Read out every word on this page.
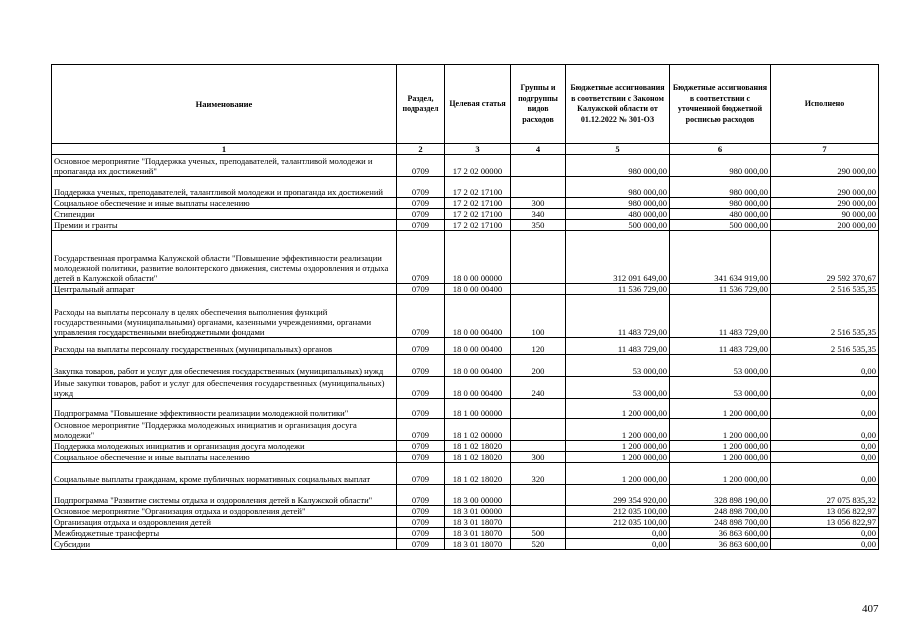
Наименование	Раздел, подраздел	Целевая статья	Группы и подгруппы видов расходов	Бюджетные ассигнования в соответствии с Законом Калужской области от 01.12.2022 № 301-ОЗ	Бюджетные ассигнования в соответствии с уточненной бюджетной росписью расходов	Исполнено
1	2	3	4	5	6	7
Основное мероприятие "Поддержка ученых, преподавателей, талантливой молодежи и пропаганда их достижений"	0709	17 2 02 00000		980 000,00	980 000,00	290 000,00
Поддержка ученых, преподавателей, талантливой молодежи и пропаганда их достижений	0709	17 2 02 17100		980 000,00	980 000,00	290 000,00
Социальное обеспечение и иные выплаты населению	0709	17 2 02 17100	300	980 000,00	980 000,00	290 000,00
Стипендии	0709	17 2 02 17100	340	480 000,00	480 000,00	90 000,00
Премии и гранты	0709	17 2 02 17100	350	500 000,00	500 000,00	200 000,00
Государственная программа Калужской области "Повышение эффективности реализации молодежной политики, развитие волонтерского движения, системы оздоровления и отдыха детей в Калужской области"	0709	18 0 00 00000		312 091 649,00	341 634 919,00	29 592 370,67
Центральный аппарат	0709	18 0 00 00400		11 536 729,00	11 536 729,00	2 516 535,35
Расходы на выплаты персоналу в целях обеспечения выполнения функций государственными (муниципальными) органами, казенными учреждениями, органами управления государственными внебюджетными фондами	0709	18 0 00 00400	100	11 483 729,00	11 483 729,00	2 516 535,35
Расходы на выплаты персоналу государственных (муниципальных) органов	0709	18 0 00 00400	120	11 483 729,00	11 483 729,00	2 516 535,35
Закупка товаров, работ и услуг для обеспечения государственных (муниципальных) нужд	0709	18 0 00 00400	200	53 000,00	53 000,00	0,00
Иные закупки товаров, работ и услуг для обеспечения государственных (муниципальных) нужд	0709	18 0 00 00400	240	53 000,00	53 000,00	0,00
Подпрограмма "Повышение эффективности реализации молодежной политики"	0709	18 1 00 00000		1 200 000,00	1 200 000,00	0,00
Основное мероприятие "Поддержка молодежных инициатив и организация досуга молодежи"	0709	18 1 02 00000		1 200 000,00	1 200 000,00	0,00
Поддержка молодежных инициатив и организация досуга молодежи	0709	18 1 02 18020		1 200 000,00	1 200 000,00	0,00
Социальное обеспечение и иные выплаты населению	0709	18 1 02 18020	300	1 200 000,00	1 200 000,00	0,00
Социальные выплаты гражданам, кроме публичных нормативных социальных выплат	0709	18 1 02 18020	320	1 200 000,00	1 200 000,00	0,00
Подпрограмма "Развитие системы отдыха и оздоровления детей в Калужской области"	0709	18 3 00 00000		299 354 920,00	328 898 190,00	27 075 835,32
Основное мероприятие "Организация отдыха и оздоровления детей"	0709	18 3 01 00000		212 035 100,00	248 898 700,00	13 056 822,97
Организация отдыха и оздоровления детей	0709	18 3 01 18070		212 035 100,00	248 898 700,00	13 056 822,97
Межбюджетные трансферты	0709	18 3 01 18070	500	0,00	36 863 600,00	0,00
Субсидии	0709	18 3 01 18070	520	0,00	36 863 600,00	0,00
407
